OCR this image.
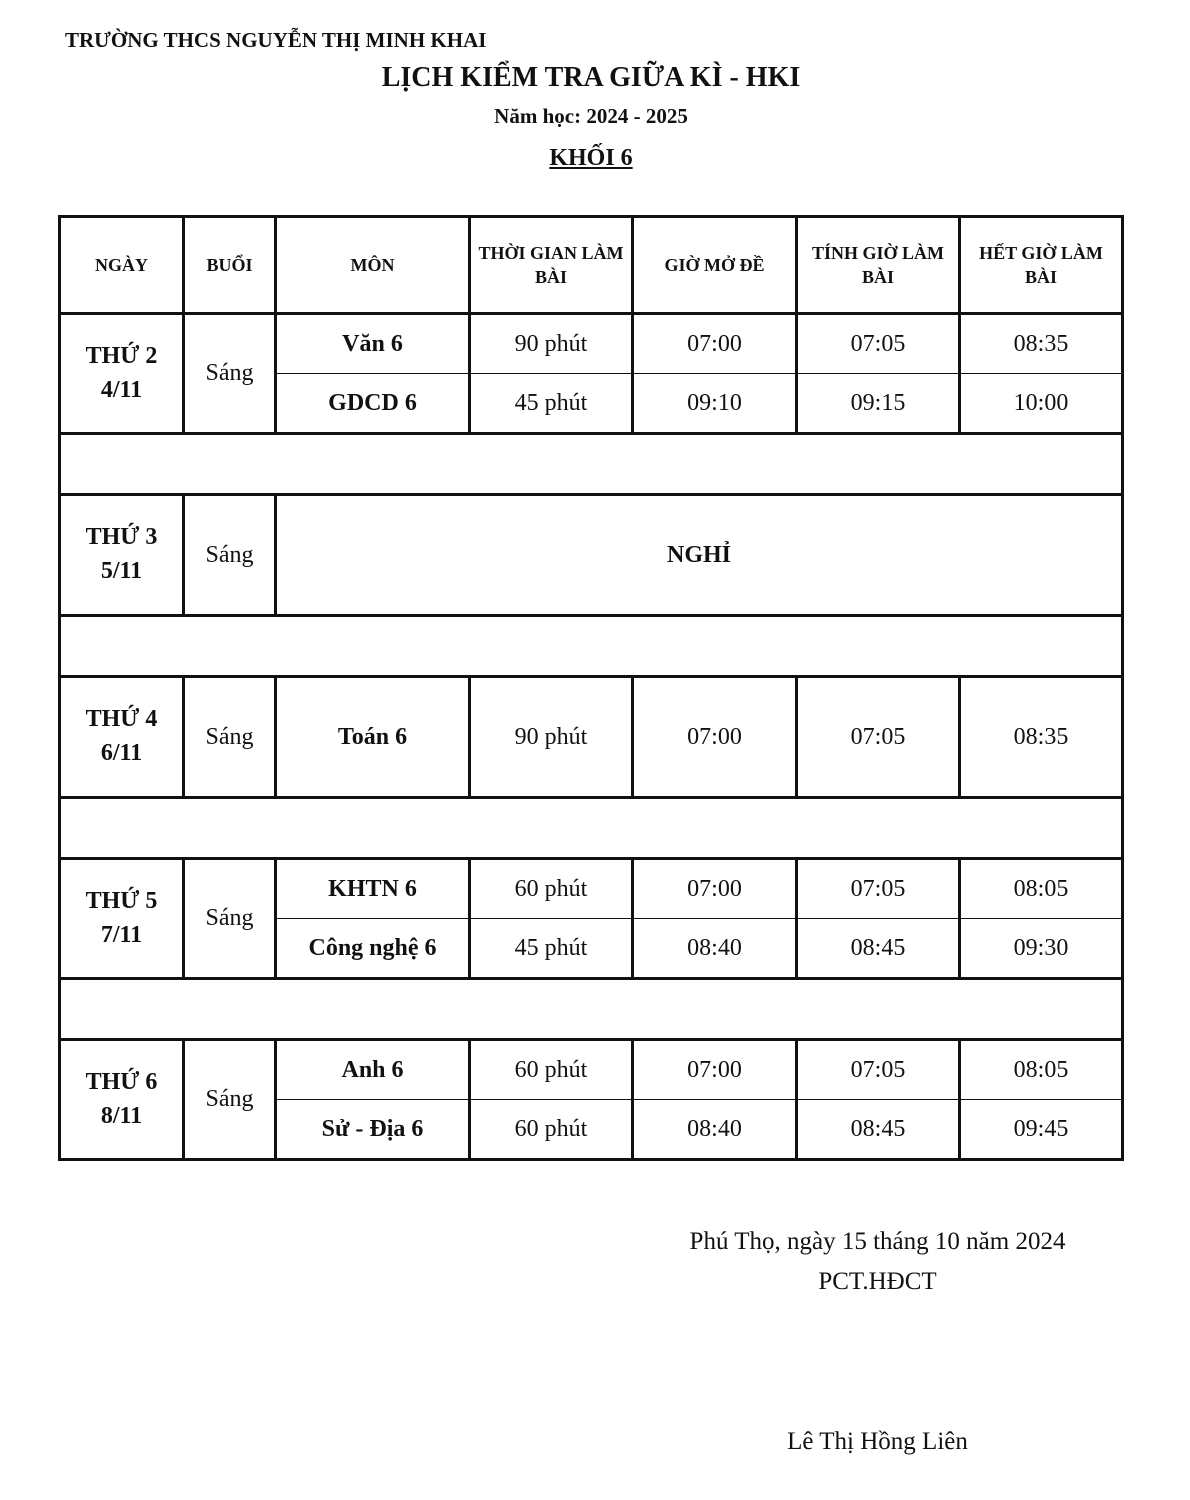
TRƯỜNG THCS NGUYỄN THỊ MINH KHAI
LỊCH KIỂM TRA GIỮA KÌ - HKI
Năm học: 2024 - 2025
KHỐI 6
NGÀY	BUỔI	MÔN	THỜI GIAN LÀM BÀI	GIỜ MỞ ĐỀ	TÍNH GIỜ LÀM BÀI	HẾT GIỜ LÀM BÀI
THỨ 2
4/11	Sáng	Văn 6	90 phút	07:00	07:05	08:35
		GDCD 6	45 phút	09:10	09:15	10:00

THỨ 3
5/11	Sáng	NGHỈ				

THỨ 4
6/11	Sáng	Toán 6	90 phút	07:00	07:05	08:35

THỨ 5
7/11	Sáng	KHTN 6	60 phút	07:00	07:05	08:05
		Công nghệ 6	45 phút	08:40	08:45	09:30

THỨ 6
8/11	Sáng	Anh 6	60 phút	07:00	07:05	08:05
		Sử - Địa 6	60 phút	08:40	08:45	09:45
Phú Thọ, ngày 15 tháng 10 năm 2024
PCT.HĐCT
Lê Thị Hồng Liên
